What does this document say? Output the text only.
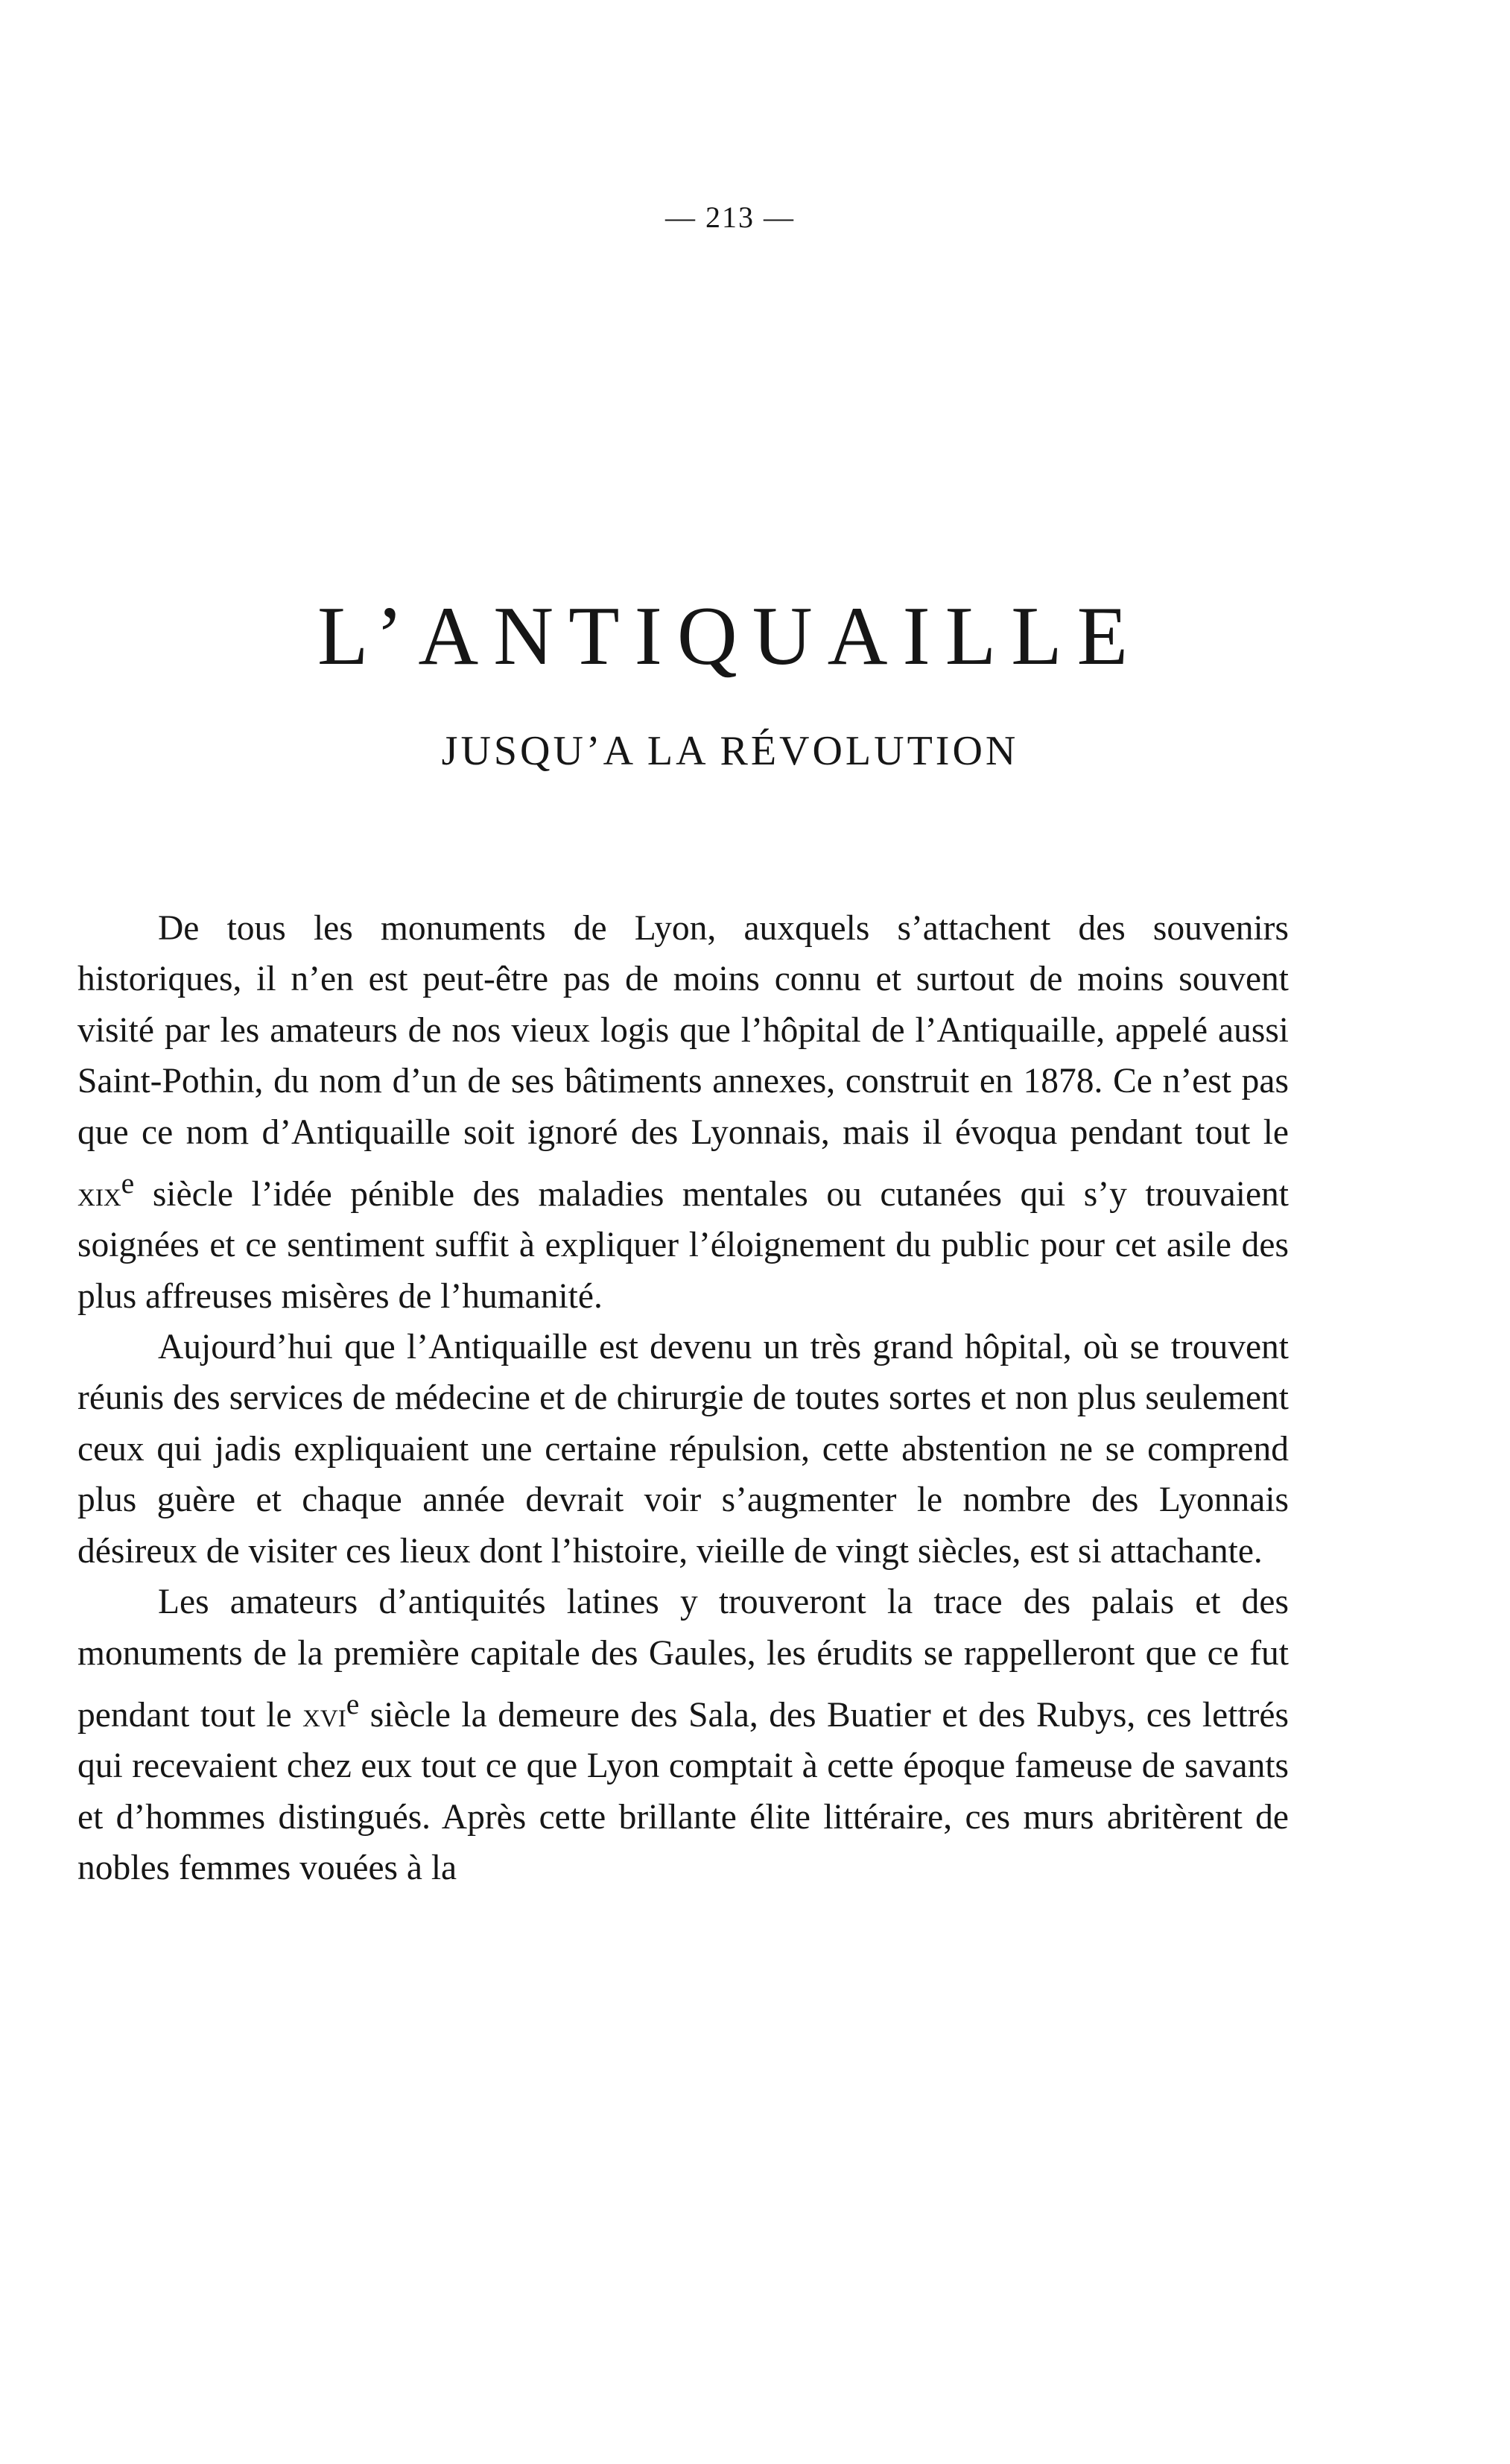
— 213 —
L’ANTIQUAILLE
JUSQU’A LA RÉVOLUTION

De tous les monuments de Lyon, auxquels s’attachent des souvenirs historiques, il n’en est peut-être pas de moins connu et surtout de moins souvent visité par les amateurs de nos vieux logis que l’hôpital de l’Antiquaille, appelé aussi Saint-Pothin, du nom d’un de ses bâtiments annexes, construit en 1878. Ce n’est pas que ce nom d’Antiquaille soit ignoré des Lyonnais, mais il évoqua pendant tout le xix$^e$ siècle l’idée pénible des maladies mentales ou cutanées qui s’y trouvaient soignées et ce sentiment suffit à expliquer l’éloignement du public pour cet asile des plus affreuses misères de l’humanité.

Aujourd’hui que l’Antiquaille est devenu un très grand hôpital, où se trouvent réunis des services de médecine et de chirurgie de toutes sortes et non plus seulement ceux qui jadis expliquaient une certaine répulsion, cette abstention ne se comprend plus guère et chaque année devrait voir s’augmenter le nombre des Lyonnais désireux de visiter ces lieux dont l’histoire, vieille de vingt siècles, est si attachante.

Les amateurs d’antiquités latines y trouveront la trace des palais et des monuments de la première capitale des Gaules, les érudits se rappelleront que ce fut pendant tout le xvi$^e$ siècle la demeure des Sala, des Buatier et des Rubys, ces lettrés qui recevaient chez eux tout ce que Lyon comptait à cette époque fameuse de savants et d’hommes distingués. Après cette brillante élite littéraire, ces murs abritèrent de nobles femmes vouées à la
